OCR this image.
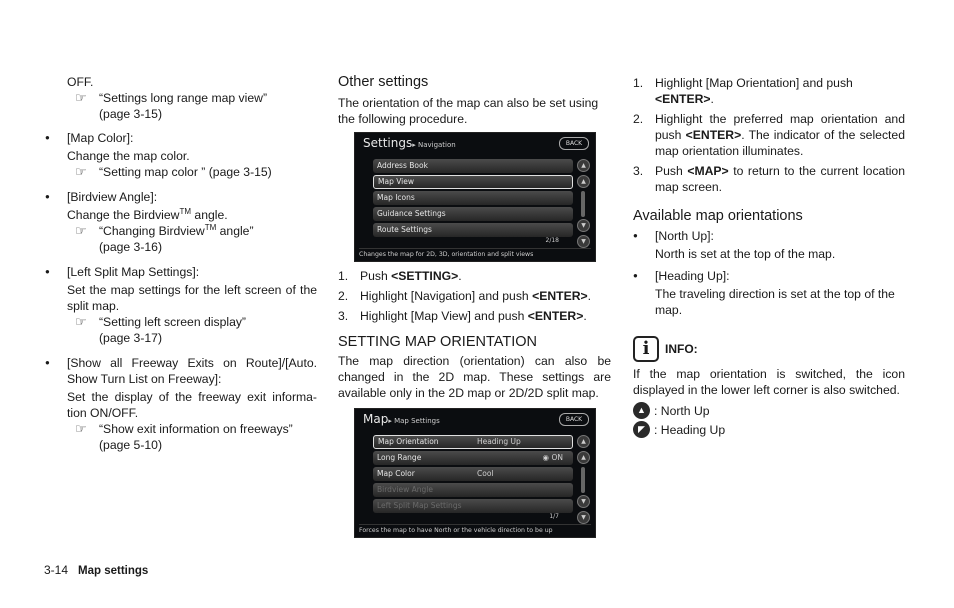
OFF.

☞	“Settings long range map view”

(page 3-15)

● [Map Color]:

Change the map color.

☞	“Setting map color ” (page 3-15)

● [Birdview Angle]:

Change the Birdview™ angle.

☞	“Changing Birdview™ angle”

(page 3-16)

● [Left Split Map Settings]:

Set the map settings for the left screen of the split map.

☞	“Setting left screen display”

(page 3-17)

● [Show all Freeway Exits on Route]/[Auto. Show Turn List on Freeway]:

Set the display of the freeway exit informa- tion ON/OFF.

☞	“Show exit information on freeways”

(page 5-10)

Other settings

The orientation of the map can also be set using the following procedure.

Settings▸ Navigation	BACK
Address Book
Map View
Map Icons
Guidance Settings
Route Settings
▲
▲
▼
▼
2/18
Changes the map for 2D, 3D, orientation and split views
1. Push <SETTING>.
2. Highlight [Navigation] and push <ENTER>.
3. Highlight [Map View] and push <ENTER>.
SETTING MAP ORIENTATION

The map direction (orientation) can also be changed in the 2D map. These settings are available only in the 2D map or 2D/2D split map.

Map▸ Map Settings	BACK
Map Orientation	Heading Up
Long Range	◉ ON
Map Color	Cool
Birdview Angle
Left Split Map Settings
▲
▲
▼
▼
1/7
Forces the map to have North or the vehicle direction to be up
1. Highlight [Map Orientation] and push
<ENTER>.
2. Highlight the preferred map orientation and push <ENTER>. The indicator of the selected map orientation illuminates.
3. Push <MAP> to return to the current location map screen.
Available map orientations

● [North Up]:

North is set at the top of the map.

● [Heading Up]:

The traveling direction is set at the top of the map.

i	INFO:

If the map orientation is switched, the icon displayed in the lower left corner is also switched.

▲ : North Up
◤ : Heading Up
3-14 Map settings
